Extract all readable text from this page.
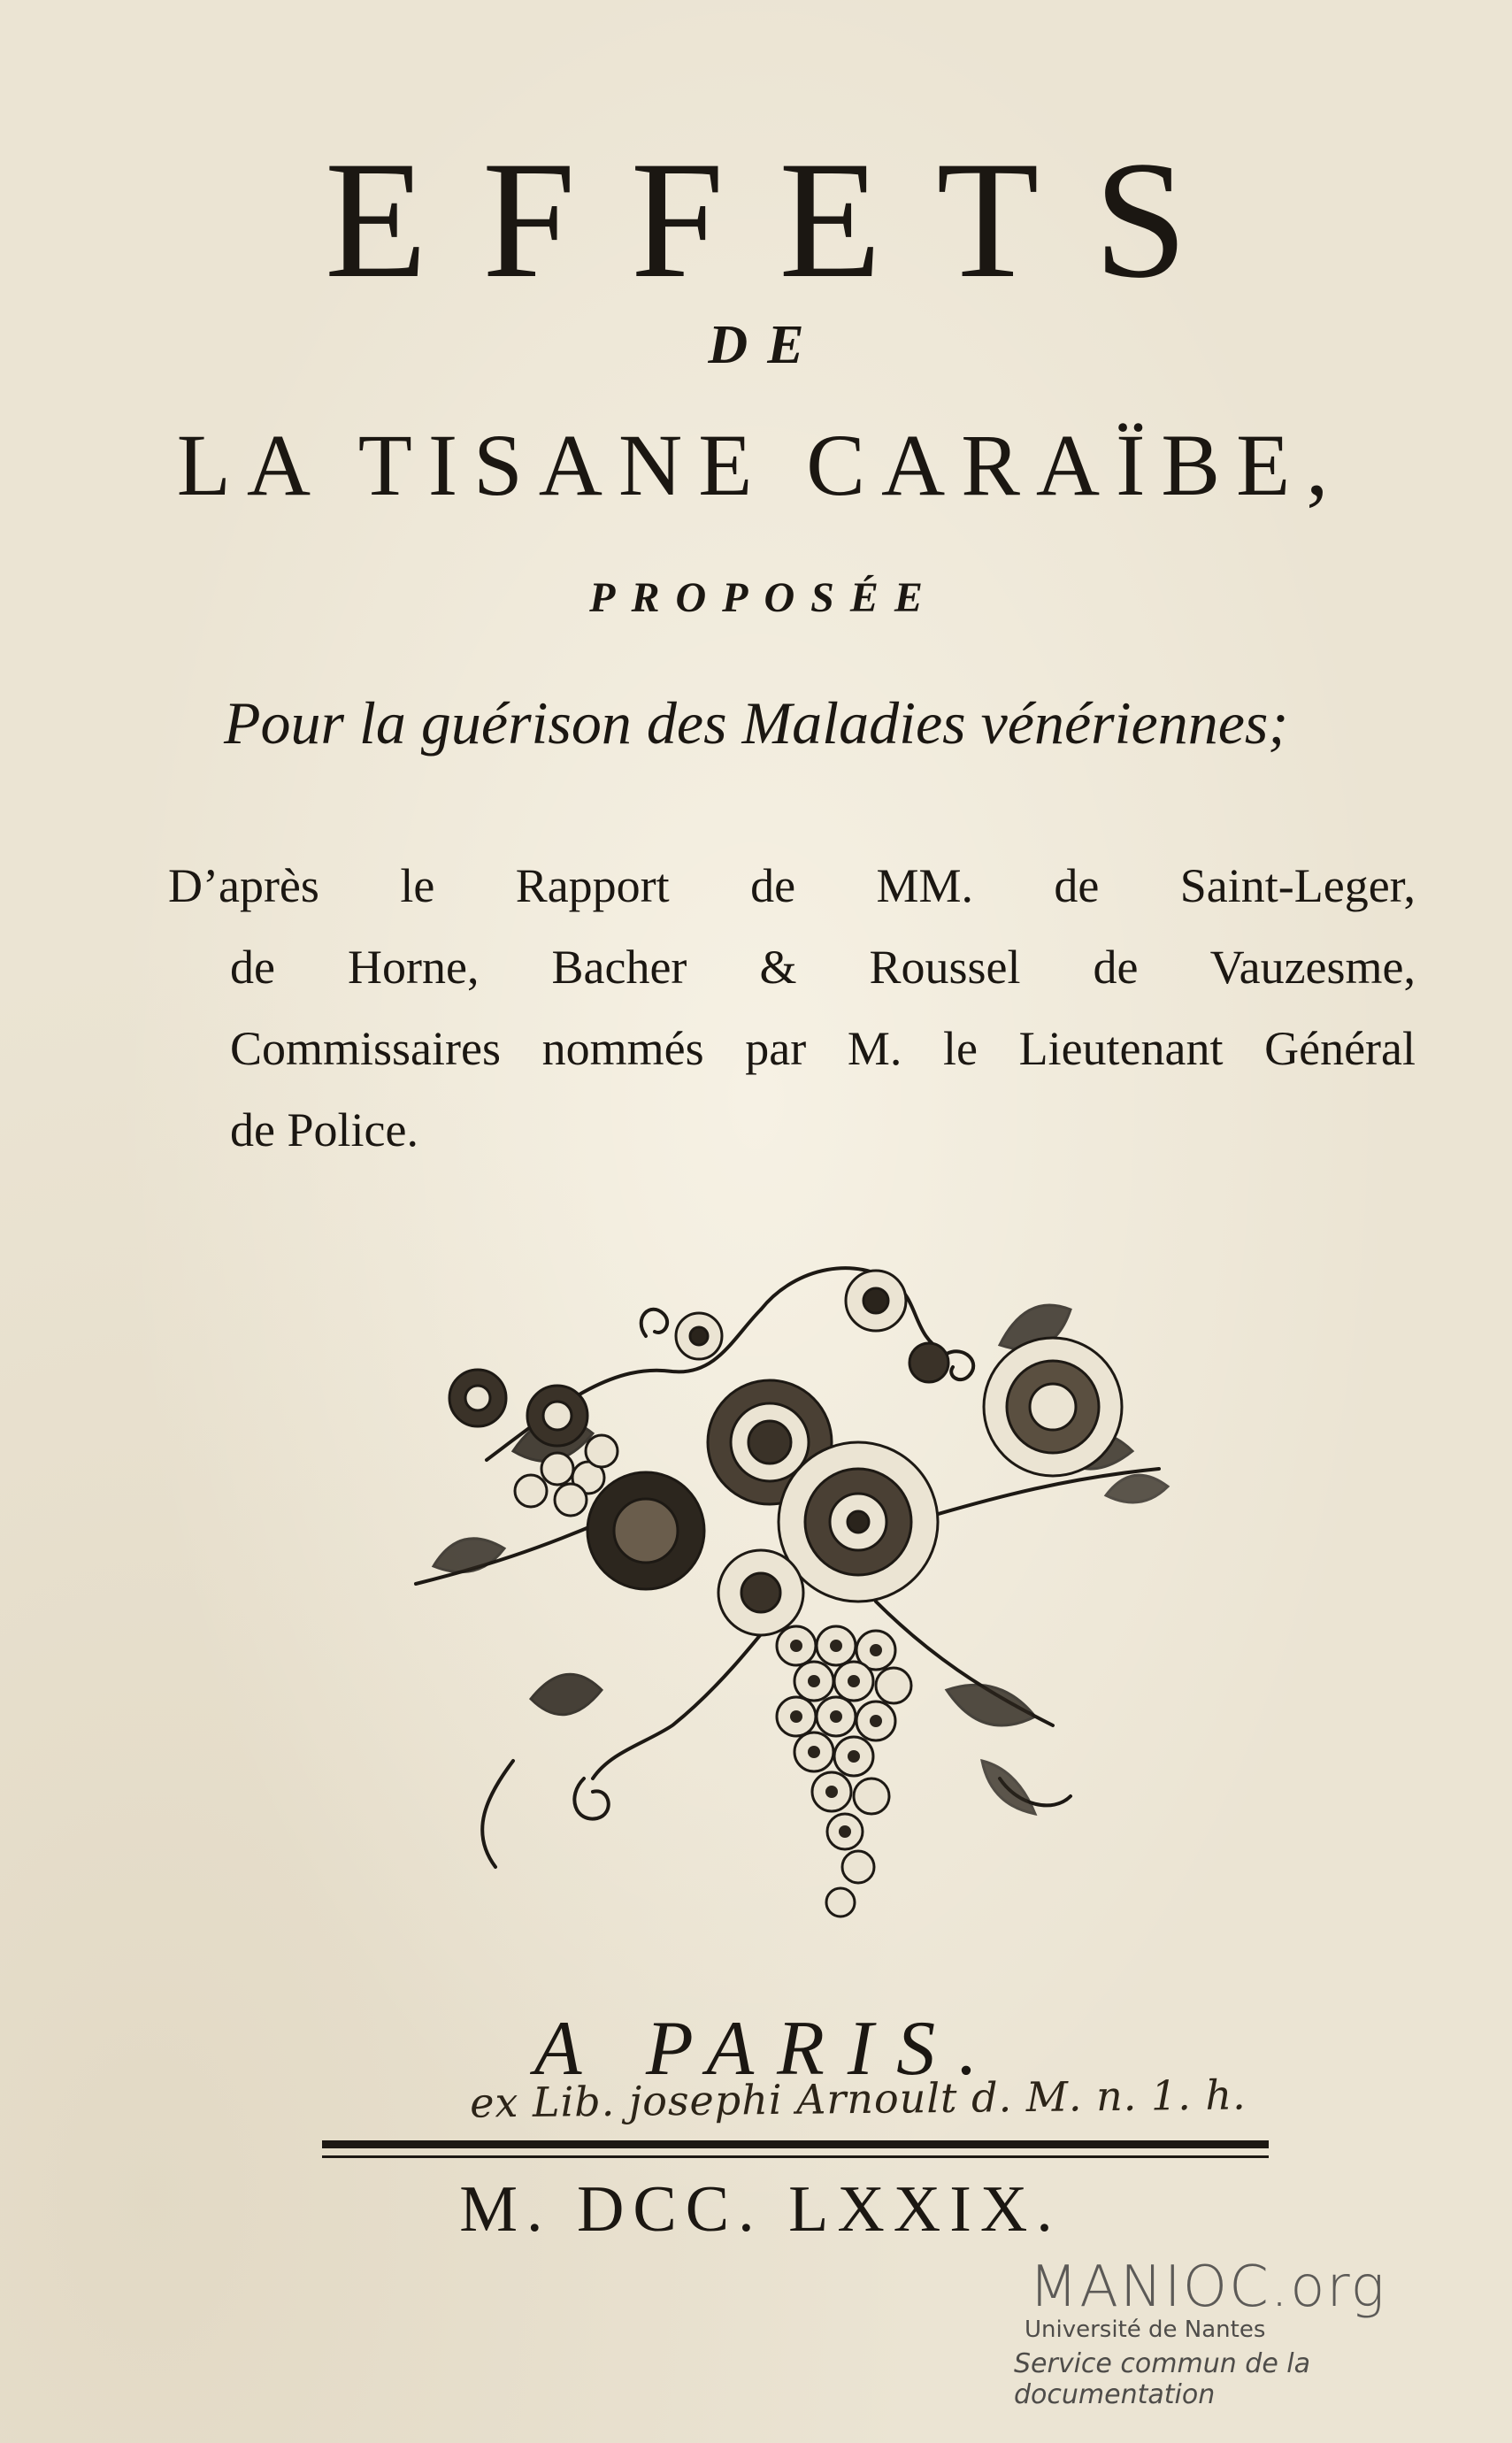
EFFETS
DE
LA TISANE CARAÏBE,
PROPOSÉE
Pour la guérison des Maladies vénériennes;
D’après le Rapport de MM. de Saint-Leger,
de Horne, Bacher & Roussel de Vauzesme,
Commissaires nommés par M. le Lieutenant Général
de Police.
A PARIS.
ex Lib. josephi Arnoult d. M. n. 1. h.
M. DCC. LXXIX.
MANIOC.org
Université de Nantes
Service commun de la documentation
